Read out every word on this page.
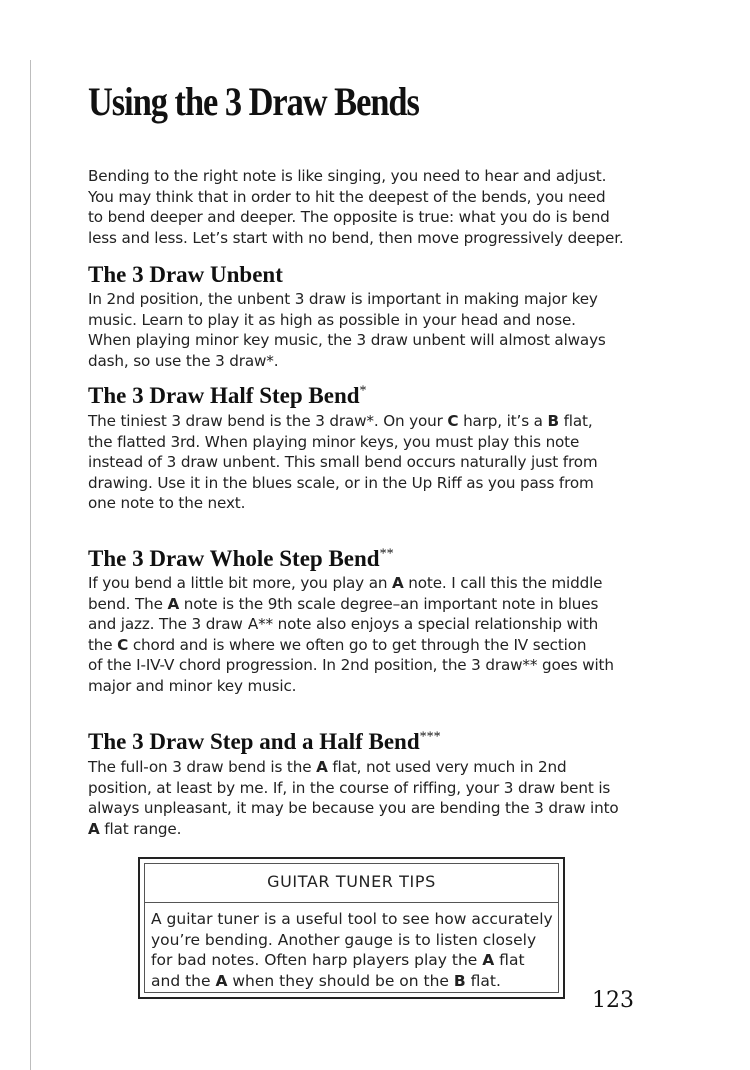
Using the 3 Draw Bends

Bending to the right note is like singing, you need to hear and adjust.
You may think that in order to hit the deepest of the bends, you need
to bend deeper and deeper. The opposite is true: what you do is bend
less and less. Let’s start with no bend, then move progressively deeper.

The 3 Draw Unbent

In 2nd position, the unbent 3 draw is important in making major key
music. Learn to play it as high as possible in your head and nose.
When playing minor key music, the 3 draw unbent will almost always
dash, so use the 3 draw*.

The 3 Draw Half Step Bend*

The tiniest 3 draw bend is the 3 draw*. On your C harp, it’s a B flat,
the flatted 3rd. When playing minor keys, you must play this note
instead of 3 draw unbent. This small bend occurs naturally just from
drawing. Use it in the blues scale, or in the Up Riff as you pass from
one note to the next.

The 3 Draw Whole Step Bend**

If you bend a little bit more, you play an A note. I call this the middle
bend. The A note is the 9th scale degree–an important note in blues
and jazz. The 3 draw A** note also enjoys a special relationship with
the C chord and is where we often go to get through the IV section
of the I-IV-V chord progression. In 2nd position, the 3 draw** goes with
major and minor key music.

The 3 Draw Step and a Half Bend***

The full-on 3 draw bend is the A flat, not used very much in 2nd
position, at least by me. If, in the course of riffing, your 3 draw bent is
always unpleasant, it may be because you are bending the 3 draw into
A flat range.

GUITAR TUNER TIPS

A guitar tuner is a useful tool to see how accurately
you’re bending. Another gauge is to listen closely
for bad notes. Often harp players play the A flat
and the A when they should be on the B flat.

123
